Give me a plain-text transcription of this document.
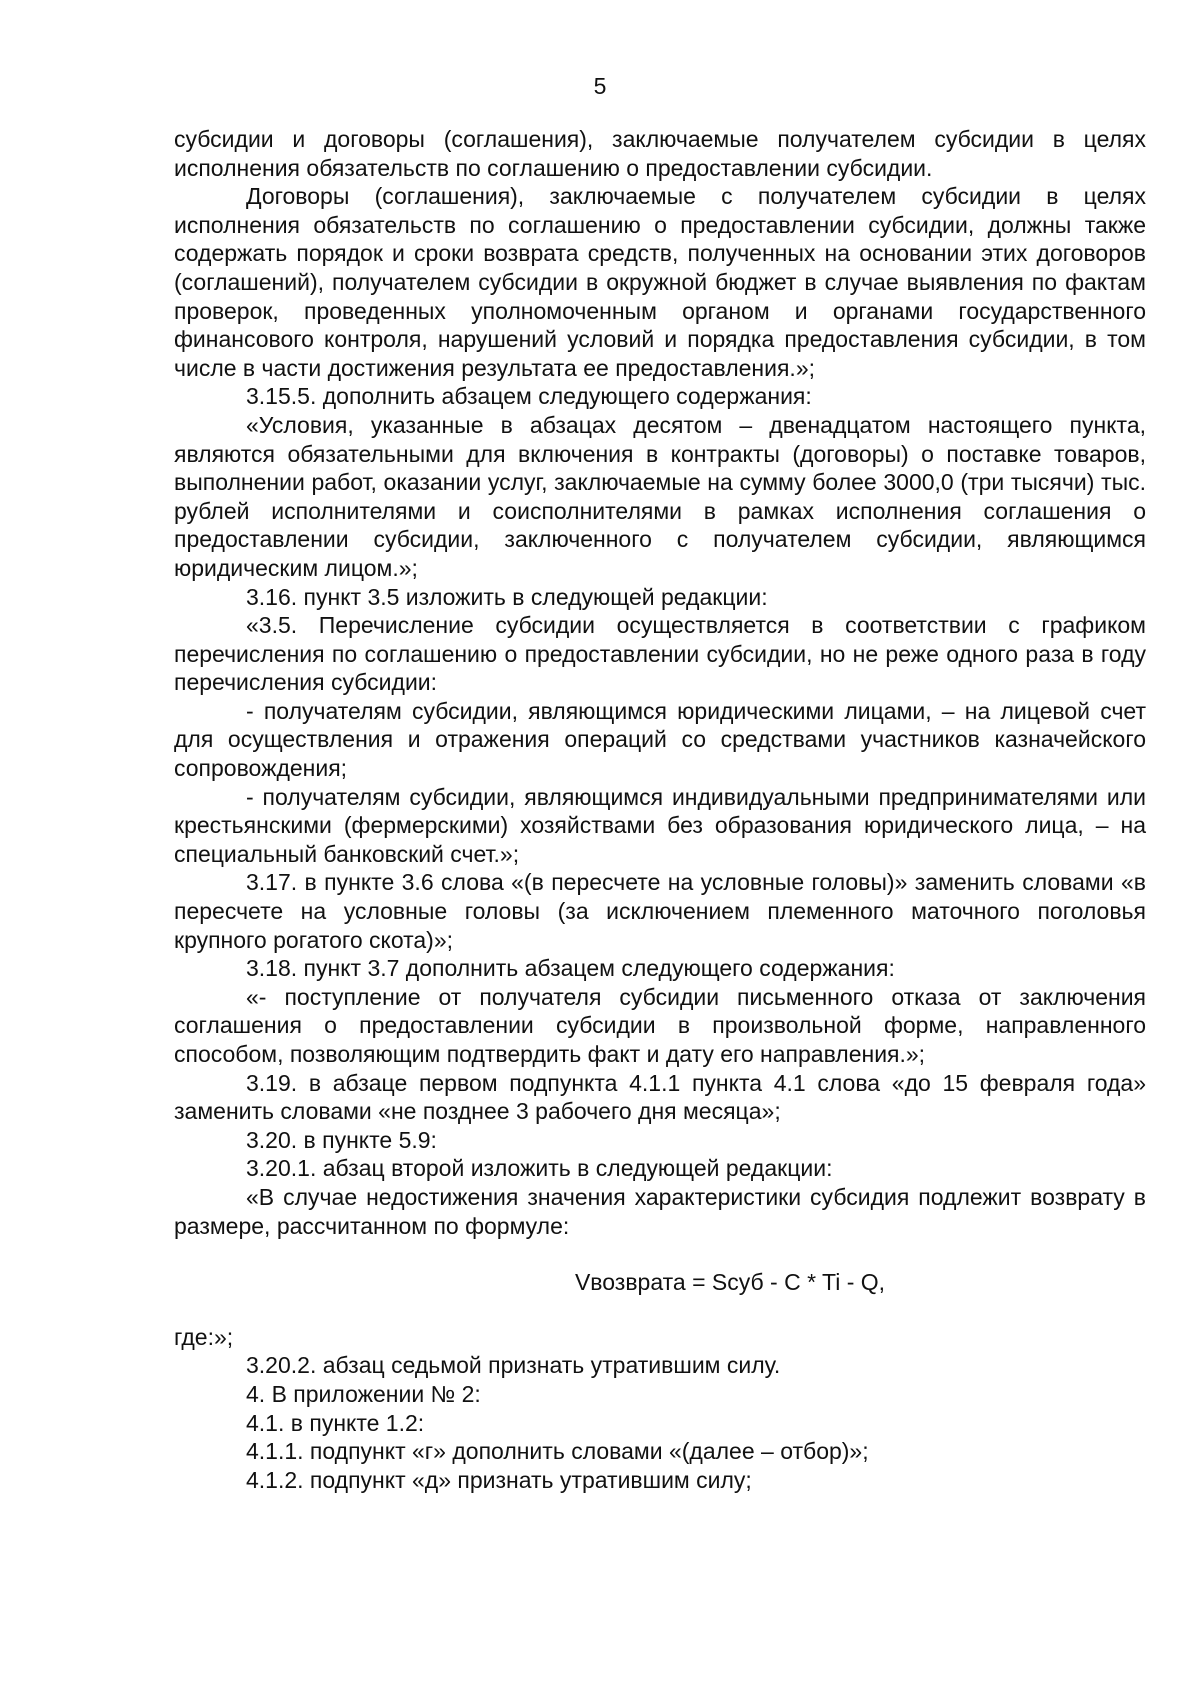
5

субсидии и договоры (соглашения), заключаемые получателем субсидии в целях исполнения обязательств по соглашению о предоставлении субсидии.

Договоры (соглашения), заключаемые с получателем субсидии в целях исполнения обязательств по соглашению о предоставлении субсидии, должны также содержать порядок и сроки возврата средств, полученных на основании этих договоров (соглашений), получателем субсидии в окружной бюджет в случае выявления по фактам проверок, проведенных уполномоченным органом и органами государственного финансового контроля, нарушений условий и порядка предоставления субсидии, в том числе в части достижения результата ее предоставления.»;

3.15.5. дополнить абзацем следующего содержания:

«Условия, указанные в абзацах десятом – двенадцатом настоящего пункта, являются обязательными для включения в контракты (договоры) о поставке товаров, выполнении работ, оказании услуг, заключаемые на сумму более 3000,0 (три тысячи) тыс. рублей исполнителями и соисполнителями в рамках исполнения соглашения о предоставлении субсидии, заключенного с получателем субсидии, являющимся юридическим лицом.»;

3.16. пункт 3.5 изложить в следующей редакции:

«3.5. Перечисление субсидии осуществляется в соответствии с графиком перечисления по соглашению о предоставлении субсидии, но не реже одного раза в году перечисления субсидии:

- получателям субсидии, являющимся юридическими лицами, – на лицевой счет для осуществления и отражения операций со средствами участников казначейского сопровождения;

- получателям субсидии, являющимся индивидуальными предпринимателями или крестьянскими (фермерскими) хозяйствами без образования юридического лица, – на специальный банковский счет.»;

3.17. в пункте 3.6 слова «(в пересчете на условные головы)» заменить словами «в пересчете на условные головы (за исключением племенного маточного поголовья крупного рогатого скота)»;

3.18. пункт 3.7 дополнить абзацем следующего содержания:

«- поступление от получателя субсидии письменного отказа от заключения соглашения о предоставлении субсидии в произвольной форме, направленного способом, позволяющим подтвердить факт и дату его направления.»;

3.19. в абзаце первом подпункта 4.1.1 пункта 4.1 слова «до 15 февраля года» заменить словами «не позднее 3 рабочего дня месяца»;

3.20. в пункте 5.9:

3.20.1. абзац второй изложить в следующей редакции:

«В случае недостижения значения характеристики субсидия подлежит возврату в размере, рассчитанном по формуле:

Vвозврата = Sсуб - C * Ti - Q,

где:»;

3.20.2. абзац седьмой признать утратившим силу.

4. В приложении № 2:

4.1. в пункте 1.2:

4.1.1. подпункт «г» дополнить словами «(далее – отбор)»;

4.1.2. подпункт «д» признать утратившим силу;
